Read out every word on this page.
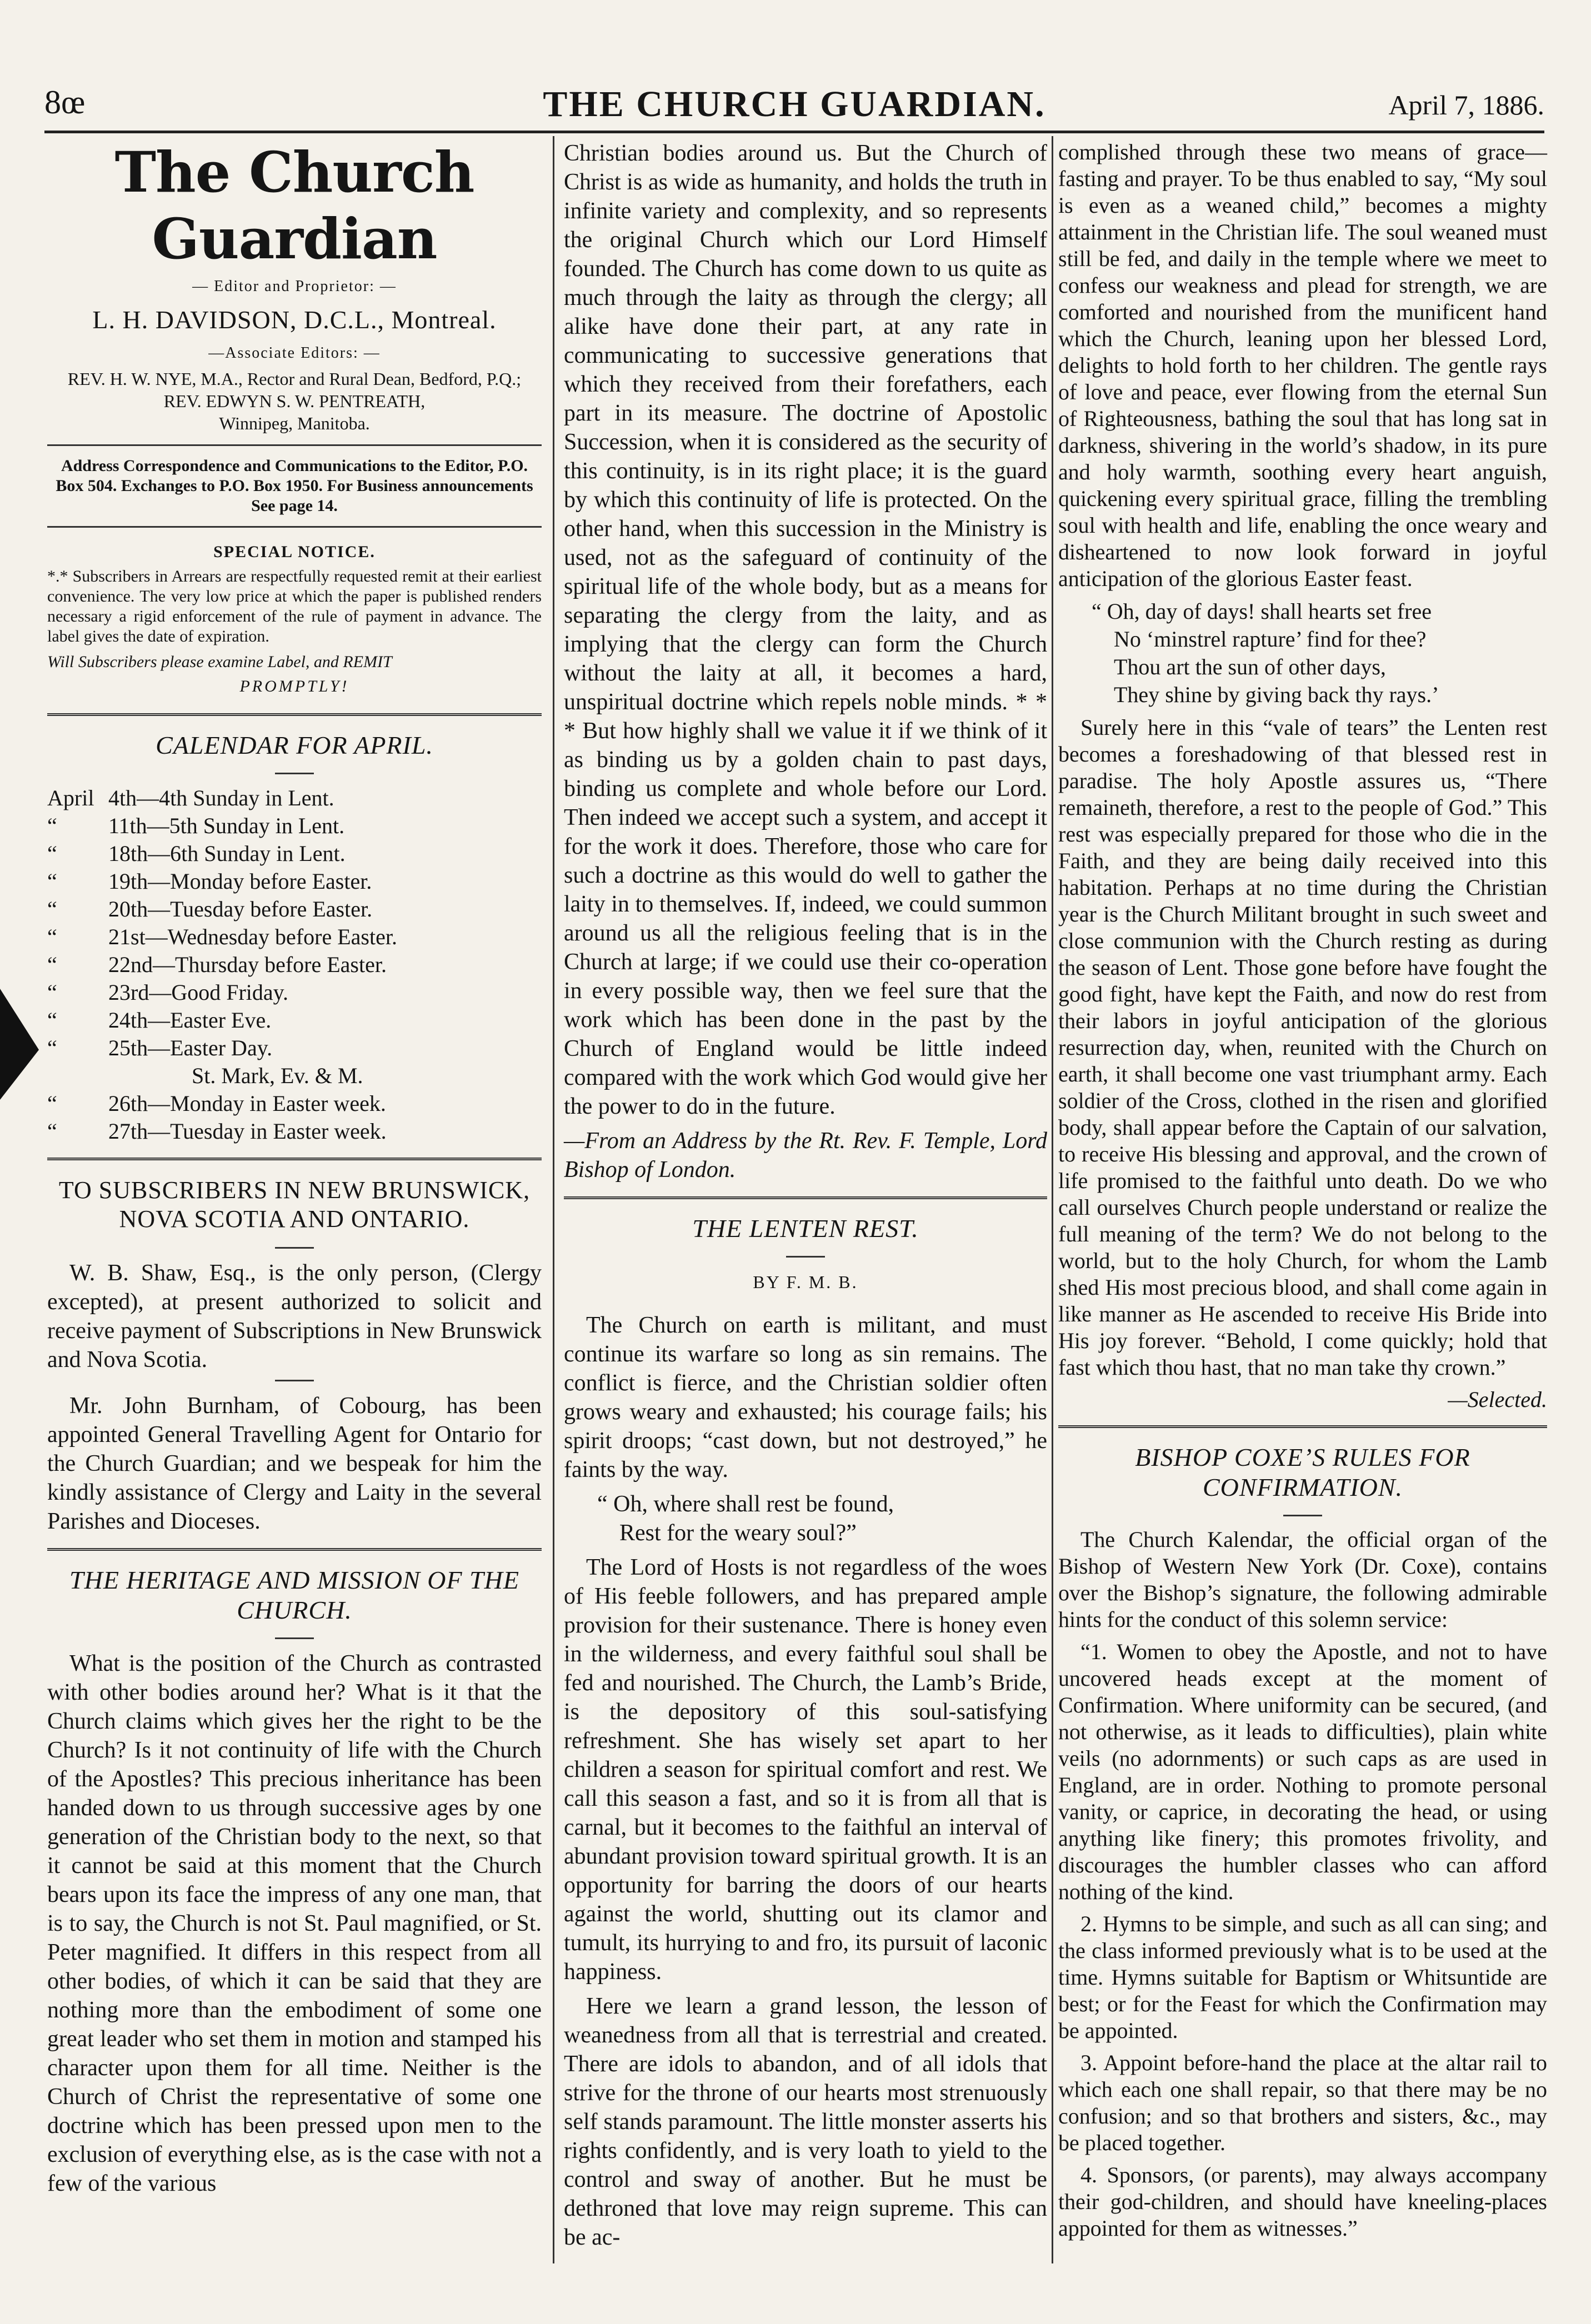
8œ	THE CHURCH GUARDIAN.	April 7, 1886.
The Church Guardian
— Editor and Proprietor: —
L. H. DAVIDSON, D.C.L., Montreal.
—Associate Editors: —
REV. H. W. NYE, M.A., Rector and Rural Dean, Bedford, P.Q.; REV. EDWYN S. W. PENTREATH,
Winnipeg, Manitoba.
Address Correspondence and Communications to the Editor, P.O. Box 504. Exchanges to P.O. Box 1950. For Business announcements See page 14.
SPECIAL NOTICE.

*.* Subscribers in Arrears are respectfully requested remit at their earliest convenience. The very low price at which the paper is published renders necessary a rigid enforcement of the rule of payment in advance. The label gives the date of expiration.

Will Subscribers please examine Label, and REMIT
PROMPTLY!
CALENDAR FOR APRIL.
April 4th—4th Sunday in Lent.
“	11th—5th Sunday in Lent.
“	18th—6th Sunday in Lent.
“	19th—Monday before Easter.
“	20th—Tuesday before Easter.
“	21st—Wednesday before Easter.
“	22nd—Thursday before Easter.
“	23rd—Good Friday.
“	24th—Easter Eve.
“	25th—Easter Day.
St. Mark, Ev. & M.
“	26th—Monday in Easter week.
“	27th—Tuesday in Easter week.
TO SUBSCRIBERS IN NEW BRUNSWICK, NOVA SCOTIA AND ONTARIO.

W. B. Shaw, Esq., is the only person, (Clergy excepted), at present authorized to solicit and receive payment of Subscriptions in New Brunswick and Nova Scotia.

Mr. John Burnham, of Cobourg, has been appointed General Travelling Agent for Ontario for the Church Guardian; and we bespeak for him the kindly assistance of Clergy and Laity in the several Parishes and Dioceses.

THE HERITAGE AND MISSION OF THE CHURCH.

What is the position of the Church as contrasted with other bodies around her? What is it that the Church claims which gives her the right to be the Church? Is it not continuity of life with the Church of the Apostles? This precious inheritance has been handed down to us through successive ages by one generation of the Christian body to the next, so that it cannot be said at this moment that the Church bears upon its face the impress of any one man, that is to say, the Church is not St. Paul magnified, or St. Peter magnified. It differs in this respect from all other bodies, of which it can be said that they are nothing more than the embodiment of some one great leader who set them in motion and stamped his character upon them for all time. Neither is the Church of Christ the representative of some one doctrine which has been pressed upon men to the exclusion of everything else, as is the case with not a few of the various

Christian bodies around us. But the Church of Christ is as wide as humanity, and holds the truth in infinite variety and complexity, and so represents the original Church which our Lord Himself founded. The Church has come down to us quite as much through the laity as through the clergy; all alike have done their part, at any rate in communicating to successive generations that which they received from their forefathers, each part in its measure. The doctrine of Apostolic Succession, when it is considered as the security of this continuity, is in its right place; it is the guard by which this continuity of life is protected. On the other hand, when this succession in the Ministry is used, not as the safeguard of continuity of the spiritual life of the whole body, but as a means for separating the clergy from the laity, and as implying that the clergy can form the Church without the laity at all, it becomes a hard, unspiritual doctrine which repels noble minds. * * * But how highly shall we value it if we think of it as binding us by a golden chain to past days, binding us complete and whole before our Lord. Then indeed we accept such a system, and accept it for the work it does. Therefore, those who care for such a doctrine as this would do well to gather the laity in to themselves. If, indeed, we could summon around us all the religious feeling that is in the Church at large; if we could use their co-operation in every possible way, then we feel sure that the work which has been done in the past by the Church of England would be little indeed compared with the work which God would give her the power to do in the future.

—From an Address by the Rt. Rev. F. Temple, Lord Bishop of London.

THE LENTEN REST.
BY F. M. B.

The Church on earth is militant, and must continue its warfare so long as sin remains. The conflict is fierce, and the Christian soldier often grows weary and exhausted; his courage fails; his spirit droops; “cast down, but not destroyed,” he faints by the way.

“ Oh, where shall rest be found,
Rest for the weary soul?”

The Lord of Hosts is not regardless of the woes of His feeble followers, and has prepared ample provision for their sustenance. There is honey even in the wilderness, and every faithful soul shall be fed and nourished. The Church, the Lamb’s Bride, is the depository of this soul-satisfying refreshment. She has wisely set apart to her children a season for spiritual comfort and rest. We call this season a fast, and so it is from all that is carnal, but it becomes to the faithful an interval of abundant provision toward spiritual growth. It is an opportunity for barring the doors of our hearts against the world, shutting out its clamor and tumult, its hurrying to and fro, its pursuit of laconic happiness.

Here we learn a grand lesson, the lesson of weanedness from all that is terrestrial and created. There are idols to abandon, and of all idols that strive for the throne of our hearts most strenuously self stands paramount. The little monster asserts his rights confidently, and is very loath to yield to the control and sway of another. But he must be dethroned that love may reign supreme. This can be ac-

complished through these two means of grace—fasting and prayer. To be thus enabled to say, “My soul is even as a weaned child,” becomes a mighty attainment in the Christian life. The soul weaned must still be fed, and daily in the temple where we meet to confess our weakness and plead for strength, we are comforted and nourished from the munificent hand which the Church, leaning upon her blessed Lord, delights to hold forth to her children. The gentle rays of love and peace, ever flowing from the eternal Sun of Righteousness, bathing the soul that has long sat in darkness, shivering in the world’s shadow, in its pure and holy warmth, soothing every heart anguish, quickening every spiritual grace, filling the trembling soul with health and life, enabling the once weary and disheartened to now look forward in joyful anticipation of the glorious Easter feast.

“ Oh, day of days! shall hearts set free
No ‘minstrel rapture’ find for thee?
Thou art the sun of other days,
They shine by giving back thy rays.’

Surely here in this “vale of tears” the Lenten rest becomes a foreshadowing of that blessed rest in paradise. The holy Apostle assures us, “There remaineth, therefore, a rest to the people of God.” This rest was especially prepared for those who die in the Faith, and they are being daily received into this habitation. Perhaps at no time during the Christian year is the Church Militant brought in such sweet and close communion with the Church resting as during the season of Lent. Those gone before have fought the good fight, have kept the Faith, and now do rest from their labors in joyful anticipation of the glorious resurrection day, when, reunited with the Church on earth, it shall become one vast triumphant army. Each soldier of the Cross, clothed in the risen and glorified body, shall appear before the Captain of our salvation, to receive His blessing and approval, and the crown of life promised to the faithful unto death. Do we who call ourselves Church people understand or realize the full meaning of the term? We do not belong to the world, but to the holy Church, for whom the Lamb shed His most precious blood, and shall come again in like manner as He ascended to receive His Bride into His joy forever. “Behold, I come quickly; hold that fast which thou hast, that no man take thy crown.”

—Selected.

BISHOP COXE’S RULES FOR CONFIRMATION.

The Church Kalendar, the official organ of the Bishop of Western New York (Dr. Coxe), contains over the Bishop’s signature, the following admirable hints for the conduct of this solemn service:

“1. Women to obey the Apostle, and not to have uncovered heads except at the moment of Confirmation. Where uniformity can be secured, (and not otherwise, as it leads to difficulties), plain white veils (no adornments) or such caps as are used in England, are in order. Nothing to promote personal vanity, or caprice, in decorating the head, or using anything like finery; this promotes frivolity, and discourages the humbler classes who can afford nothing of the kind.

2. Hymns to be simple, and such as all can sing; and the class informed previously what is to be used at the time. Hymns suitable for Baptism or Whitsuntide are best; or for the Feast for which the Confirmation may be appointed.

3. Appoint before-hand the place at the altar rail to which each one shall repair, so that there may be no confusion; and so that brothers and sisters, &c., may be placed together.

4. Sponsors, (or parents), may always accompany their god-children, and should have kneeling-places appointed for them as witnesses.”
